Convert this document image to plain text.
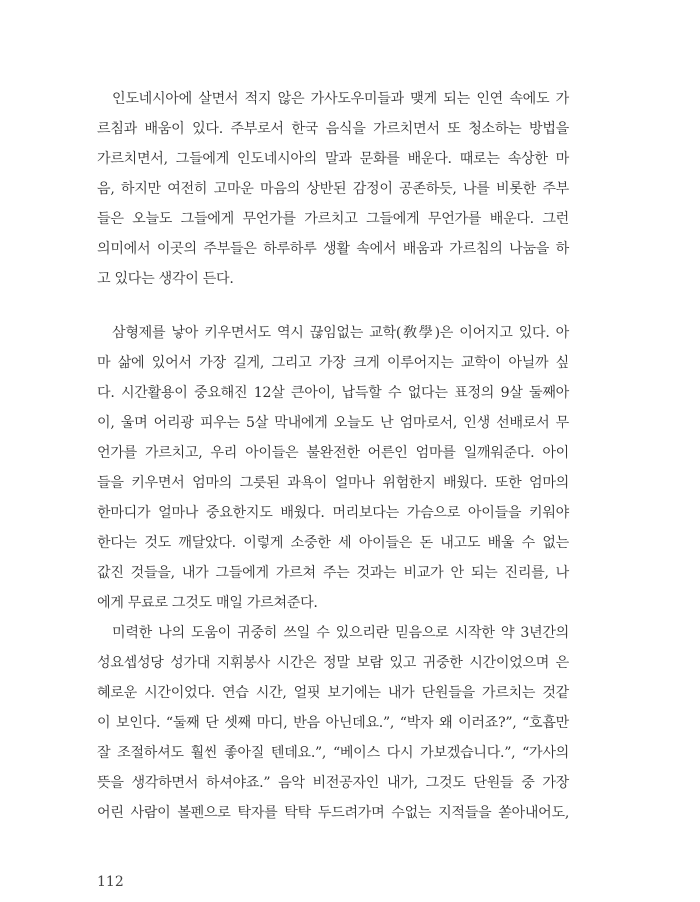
인도네시아에 살면서 적지 않은 가사도우미들과 맺게 되는 인연 속에도 가
르침과 배움이 있다. 주부로서 한국 음식을 가르치면서 또 청소하는 방법을
가르치면서, 그들에게 인도네시아의 말과 문화를 배운다. 때로는 속상한 마
음, 하지만 여전히 고마운 마음의 상반된 감정이 공존하듯, 나를 비롯한 주부
들은 오늘도 그들에게 무언가를 가르치고 그들에게 무언가를 배운다. 그런
의미에서 이곳의 주부들은 하루하루 생활 속에서 배움과 가르침의 나눔을 하
고 있다는 생각이 든다.
삼형제를 낳아 키우면서도 역시 끊임없는 교학(敎學)은 이어지고 있다. 아
마 삶에 있어서 가장 길게, 그리고 가장 크게 이루어지는 교학이 아닐까 싶
다. 시간활용이 중요해진 12살 큰아이, 납득할 수 없다는 표정의 9살 둘째아
이, 울며 어리광 피우는 5살 막내에게 오늘도 난 엄마로서, 인생 선배로서 무
언가를 가르치고, 우리 아이들은 불완전한 어른인 엄마를 일깨워준다. 아이
들을 키우면서 엄마의 그릇된 과욕이 얼마나 위험한지 배웠다. 또한 엄마의
한마디가 얼마나 중요한지도 배웠다. 머리보다는 가슴으로 아이들을 키워야
한다는 것도 깨달았다. 이렇게 소중한 세 아이들은 돈 내고도 배울 수 없는
값진 것들을, 내가 그들에게 가르쳐 주는 것과는 비교가 안 되는 진리를, 나
에게 무료로 그것도 매일 가르쳐준다.
미력한 나의 도움이 귀중히 쓰일 수 있으리란 믿음으로 시작한 약 3년간의
성요셉성당 성가대 지휘봉사 시간은 정말 보람 있고 귀중한 시간이었으며 은
혜로운 시간이었다. 연습 시간, 얼핏 보기에는 내가 단원들을 가르치는 것같
이 보인다. “둘째 단 셋째 마디, 반음 아닌데요.”, “박자 왜 이러죠?”, “호흡만
잘 조절하셔도 훨씬 좋아질 텐데요.”, “베이스 다시 가보겠습니다.”, “가사의
뜻을 생각하면서 하셔야죠.” 음악 비전공자인 내가, 그것도 단원들 중 가장
어린 사람이 볼펜으로 탁자를 탁탁 두드려가며 수없는 지적들을 쏟아내어도,
112
